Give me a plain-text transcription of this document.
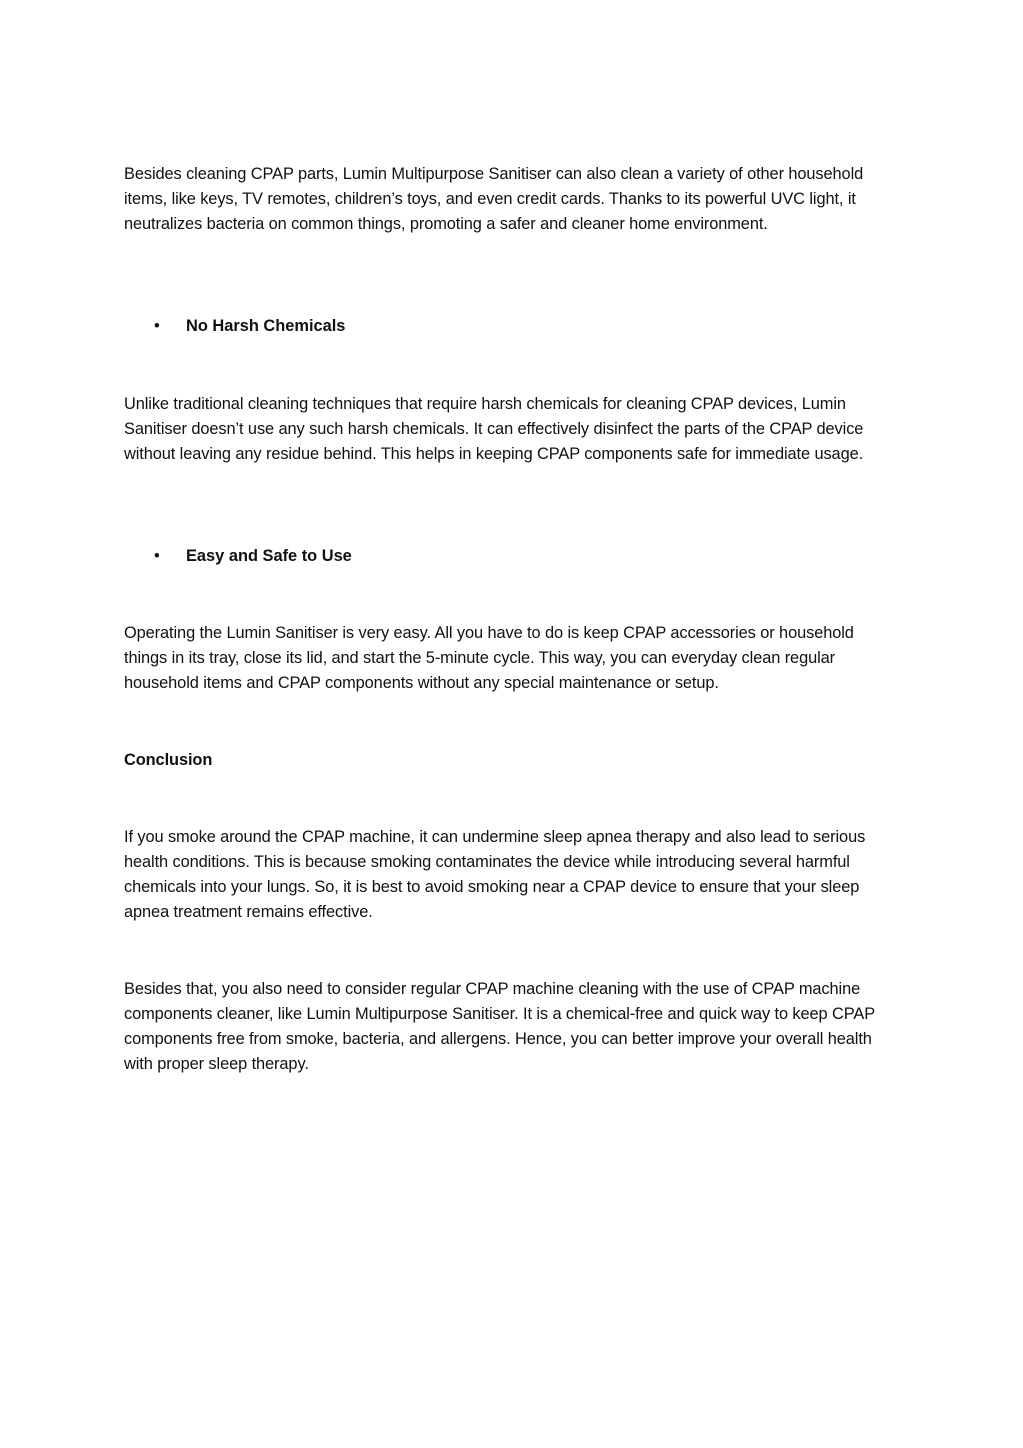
Besides cleaning CPAP parts, Lumin Multipurpose Sanitiser can also clean a variety of other household items, like keys, TV remotes, children’s toys, and even credit cards. Thanks to its powerful UVC light, it neutralizes bacteria on common things, promoting a safer and cleaner home environment.

• No Harsh Chemicals

Unlike traditional cleaning techniques that require harsh chemicals for cleaning CPAP devices, Lumin Sanitiser doesn’t use any such harsh chemicals. It can effectively disinfect the parts of the CPAP device without leaving any residue behind. This helps in keeping CPAP components safe for immediate usage.

• Easy and Safe to Use

Operating the Lumin Sanitiser is very easy. All you have to do is keep CPAP accessories or household things in its tray, close its lid, and start the 5-minute cycle. This way, you can everyday clean regular household items and CPAP components without any special maintenance or setup.

Conclusion

If you smoke around the CPAP machine, it can undermine sleep apnea therapy and also lead to serious health conditions. This is because smoking contaminates the device while introducing several harmful chemicals into your lungs. So, it is best to avoid smoking near a CPAP device to ensure that your sleep apnea treatment remains effective.

Besides that, you also need to consider regular CPAP machine cleaning with the use of CPAP machine components cleaner, like Lumin Multipurpose Sanitiser. It is a chemical-free and quick way to keep CPAP components free from smoke, bacteria, and allergens. Hence, you can better improve your overall health with proper sleep therapy.
